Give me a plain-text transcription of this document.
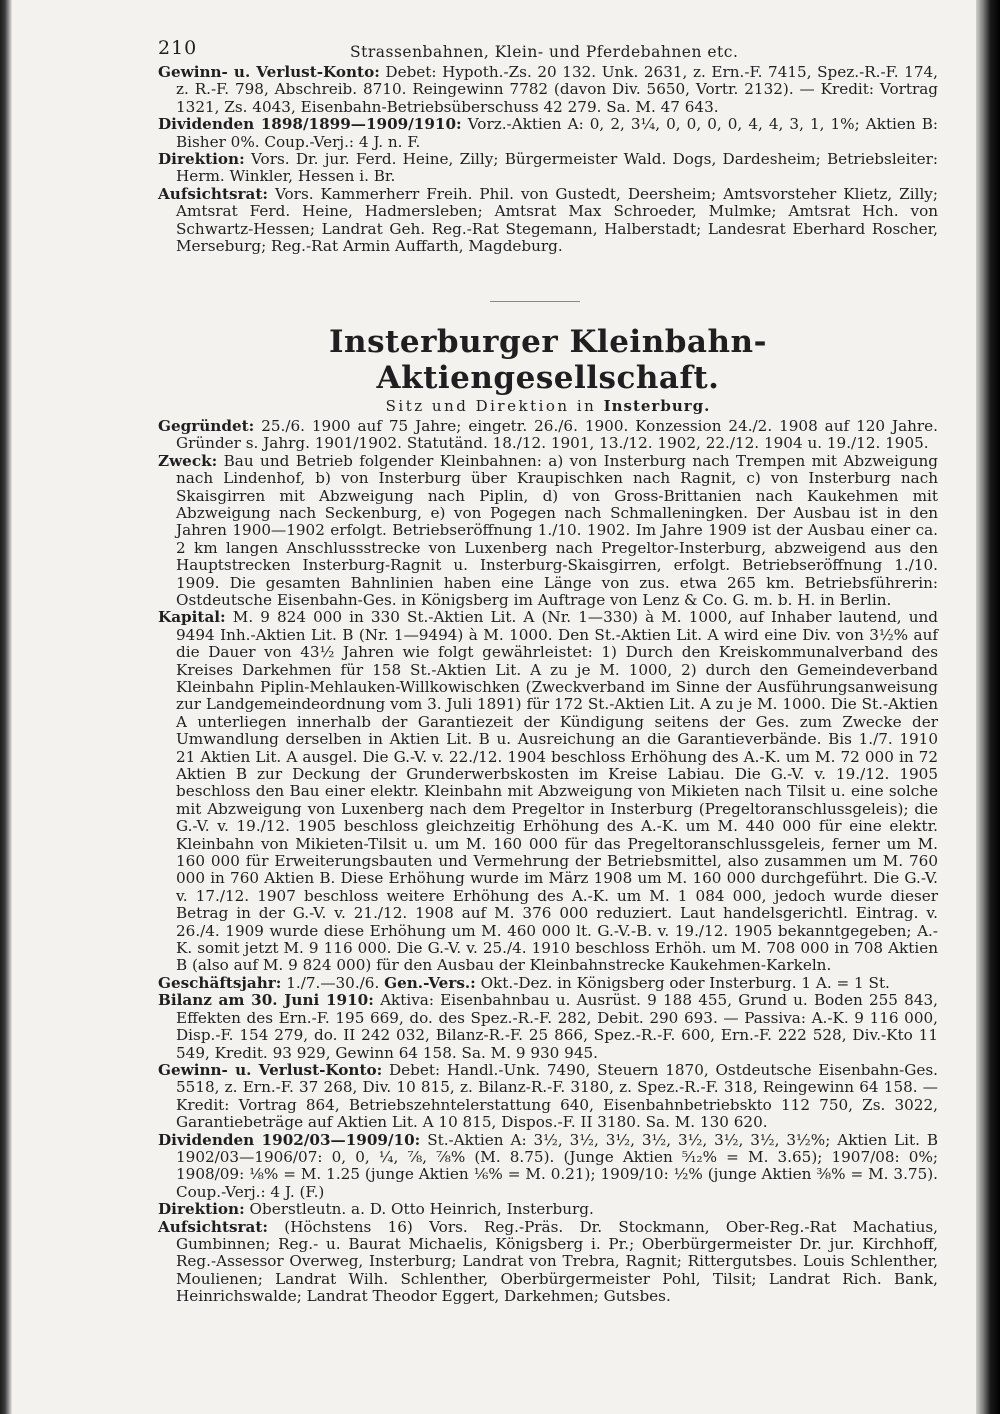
210	Strassenbahnen, Klein- und Pferdebahnen etc.

Gewinn- u. Verlust-Konto: Debet: Hypoth.-Zs. 20 132. Unk. 2631, z. Ern.-F. 7415, Spez.-R.-F. 174, z. R.-F. 798, Abschreib. 8710. Reingewinn 7782 (davon Div. 5650, Vortr. 2132). — Kredit: Vortrag 1321, Zs. 4043, Eisenbahn-Betriebsüberschuss 42 279. Sa. M. 47 643.

Dividenden 1898/1899—1909/1910: Vorz.-Aktien A: 0, 2, 3¼, 0, 0, 0, 0, 4, 4, 3, 1, 1%; Aktien B: Bisher 0%. Coup.-Verj.: 4 J. n. F.

Direktion: Vors. Dr. jur. Ferd. Heine, Zilly; Bürgermeister Wald. Dogs, Dardesheim; Betriebsleiter: Herm. Winkler, Hessen i. Br.

Aufsichtsrat: Vors. Kammerherr Freih. Phil. von Gustedt, Deersheim; Amtsvorsteher Klietz, Zilly; Amtsrat Ferd. Heine, Hadmersleben; Amtsrat Max Schroeder, Mulmke; Amtsrat Hch. von Schwartz-Hessen; Landrat Geh. Reg.-Rat Stegemann, Halberstadt; Landesrat Eberhard Roscher, Merseburg; Reg.-Rat Armin Auffarth, Magdeburg.

Insterburger Kleinbahn-Aktiengesellschaft.
Sitz und Direktion in Insterburg.

Gegründet: 25./6. 1900 auf 75 Jahre; eingetr. 26./6. 1900. Konzession 24./2. 1908 auf 120 Jahre. Gründer s. Jahrg. 1901/1902. Statutänd. 18./12. 1901, 13./12. 1902, 22./12. 1904 u. 19./12. 1905.

Zweck: Bau und Betrieb folgender Kleinbahnen: a) von Insterburg nach Trempen mit Abzweigung nach Lindenhof, b) von Insterburg über Kraupischken nach Ragnit, c) von Insterburg nach Skaisgirren mit Abzweigung nach Piplin, d) von Gross-Brittanien nach Kaukehmen mit Abzweigung nach Seckenburg, e) von Pogegen nach Schmalleningken. Der Ausbau ist in den Jahren 1900—1902 erfolgt. Betriebseröffnung 1./10. 1902. Im Jahre 1909 ist der Ausbau einer ca. 2 km langen Anschlussstrecke von Luxenberg nach Pregeltor-Insterburg, abzweigend aus den Hauptstrecken Insterburg-Ragnit u. Insterburg-Skaisgirren, erfolgt. Betriebseröffnung 1./10. 1909. Die gesamten Bahnlinien haben eine Länge von zus. etwa 265 km. Betriebsführerin: Ostdeutsche Eisenbahn-Ges. in Königsberg im Auftrage von Lenz & Co. G. m. b. H. in Berlin.

Kapital: M. 9 824 000 in 330 St.-Aktien Lit. A (Nr. 1—330) à M. 1000, auf Inhaber lautend, und 9494 Inh.-Aktien Lit. B (Nr. 1—9494) à M. 1000. Den St.-Aktien Lit. A wird eine Div. von 3½% auf die Dauer von 43½ Jahren wie folgt gewährleistet: 1) Durch den Kreiskommunalverband des Kreises Darkehmen für 158 St.-Aktien Lit. A zu je M. 1000, 2) durch den Gemeindeverband Kleinbahn Piplin-Mehlauken-Willkowischken (Zweckverband im Sinne der Ausführungsanweisung zur Landgemeindeordnung vom 3. Juli 1891) für 172 St.-Aktien Lit. A zu je M. 1000. Die St.-Aktien A unterliegen innerhalb der Garantiezeit der Kündigung seitens der Ges. zum Zwecke der Umwandlung derselben in Aktien Lit. B u. Ausreichung an die Garantieverbände. Bis 1./7. 1910 21 Aktien Lit. A ausgel. Die G.-V. v. 22./12. 1904 beschloss Erhöhung des A.-K. um M. 72 000 in 72 Aktien B zur Deckung der Grunderwerbskosten im Kreise Labiau. Die G.-V. v. 19./12. 1905 beschloss den Bau einer elektr. Kleinbahn mit Abzweigung von Mikieten nach Tilsit u. eine solche mit Abzweigung von Luxenberg nach dem Pregeltor in Insterburg (Pregeltoranschlussgeleis); die G.-V. v. 19./12. 1905 beschloss gleichzeitig Erhöhung des A.-K. um M. 440 000 für eine elektr. Kleinbahn von Mikieten-Tilsit u. um M. 160 000 für das Pregeltoranschlussgeleis, ferner um M. 160 000 für Erweiterungsbauten und Vermehrung der Betriebsmittel, also zusammen um M. 760 000 in 760 Aktien B. Diese Erhöhung wurde im März 1908 um M. 160 000 durchgeführt. Die G.-V. v. 17./12. 1907 beschloss weitere Erhöhung des A.-K. um M. 1 084 000, jedoch wurde dieser Betrag in der G.-V. v. 21./12. 1908 auf M. 376 000 reduziert. Laut handelsgerichtl. Eintrag. v. 26./4. 1909 wurde diese Erhöhung um M. 460 000 lt. G.-V.-B. v. 19./12. 1905 bekanntgegeben; A.-K. somit jetzt M. 9 116 000. Die G.-V. v. 25./4. 1910 beschloss Erhöh. um M. 708 000 in 708 Aktien B (also auf M. 9 824 000) für den Ausbau der Kleinbahnstrecke Kaukehmen-Karkeln.

Geschäftsjahr: 1./7.—30./6. Gen.-Vers.: Okt.-Dez. in Königsberg oder Insterburg. 1 A. = 1 St.

Bilanz am 30. Juni 1910: Aktiva: Eisenbahnbau u. Ausrüst. 9 188 455, Grund u. Boden 255 843, Effekten des Ern.-F. 195 669, do. des Spez.-R.-F. 282, Debit. 290 693. — Passiva: A.-K. 9 116 000, Disp.-F. 154 279, do. II 242 032, Bilanz-R.-F. 25 866, Spez.-R.-F. 600, Ern.-F. 222 528, Div.-Kto 11 549, Kredit. 93 929, Gewinn 64 158. Sa. M. 9 930 945.

Gewinn- u. Verlust-Konto: Debet: Handl.-Unk. 7490, Steuern 1870, Ostdeutsche Eisenbahn-Ges. 5518, z. Ern.-F. 37 268, Div. 10 815, z. Bilanz-R.-F. 3180, z. Spez.-R.-F. 318, Reingewinn 64 158. — Kredit: Vortrag 864, Betriebszehntelerstattung 640, Eisenbahnbetriebskto 112 750, Zs. 3022, Garantiebeträge auf Aktien Lit. A 10 815, Dispos.-F. II 3180. Sa. M. 130 620.

Dividenden 1902/03—1909/10: St.-Aktien A: 3½, 3½, 3½, 3½, 3½, 3½, 3½, 3½%; Aktien Lit. B 1902/03—1906/07: 0, 0, ¼, ⅞, ⅞% (M. 8.75). (Junge Aktien ⁵⁄₁₂% = M. 3.65); 1907/08: 0%; 1908/09: ⅛% = M. 1.25 (junge Aktien ⅙% = M. 0.21); 1909/10: ½% (junge Aktien ⅜% = M. 3.75). Coup.-Verj.: 4 J. (F.)

Direktion: Oberstleutn. a. D. Otto Heinrich, Insterburg.

Aufsichtsrat: (Höchstens 16) Vors. Reg.-Präs. Dr. Stockmann, Ober-Reg.-Rat Machatius, Gumbinnen; Reg.- u. Baurat Michaelis, Königsberg i. Pr.; Oberbürgermeister Dr. jur. Kirchhoff, Reg.-Assessor Overweg, Insterburg; Landrat von Trebra, Ragnit; Rittergutsbes. Louis Schlenther, Moulienen; Landrat Wilh. Schlenther, Oberbürgermeister Pohl, Tilsit; Landrat Rich. Bank, Heinrichswalde; Landrat Theodor Eggert, Darkehmen; Gutsbes.
